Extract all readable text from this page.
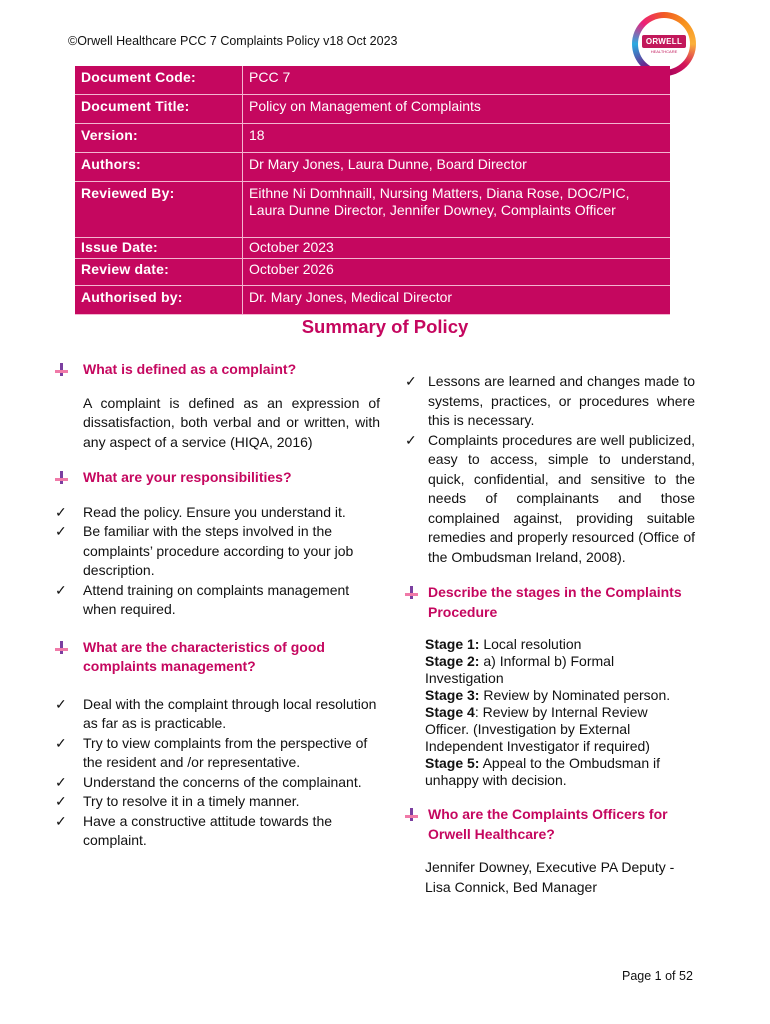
©Orwell Healthcare PCC 7 Complaints Policy v18 Oct 2023	ORWELL
HEALTHCARE
Document Code:	PCC 7
Document Title:	Policy on Management of Complaints
Version:	18
Authors:	Dr Mary Jones, Laura Dunne, Board Director
Reviewed By:	Eithne Ni Domhnaill, Nursing Matters, Diana Rose, DOC/PIC, Laura Dunne Director, Jennifer Downey, Complaints Officer
Issue Date:	October 2023
Review date:	October 2026
Authorised by:	Dr. Mary Jones, Medical Director
Summary of Policy
What is defined as a complaint?
A complaint is defined as an expression of dissatisfaction, both verbal and or written, with any aspect of a service (HIQA, 2016)
What are your responsibilities?
✓ Read the policy. Ensure you understand it.
✓ Be familiar with the steps involved in the complaints’ procedure according to your job description.
✓ Attend training on complaints management when required.
What are the characteristics of good complaints management?
✓ Deal with the complaint through local resolution as far as is practicable.
✓ Try to view complaints from the perspective of the resident and /or representative.
✓ Understand the concerns of the complainant.
✓ Try to resolve it in a timely manner.
✓ Have a constructive attitude towards the complaint.
✓ Lessons are learned and changes made to systems, practices, or procedures where this is necessary.
✓ Complaints procedures are well publicized, easy to access, simple to understand, quick, confidential, and sensitive to the needs of complainants and those complained against, providing suitable remedies and properly resourced (Office of the Ombudsman Ireland, 2008).
Describe the stages in the Complaints Procedure
Stage 1: Local resolution
Stage 2: a) Informal b) Formal Investigation
Stage 3: Review by Nominated person.
Stage 4: Review by Internal Review Officer. (Investigation by External Independent Investigator if required)
Stage 5: Appeal to the Ombudsman if unhappy with decision.
Who are the Complaints Officers for Orwell Healthcare?
Jennifer Downey, Executive PA Deputy - Lisa Connick, Bed Manager
Page 1 of 52
